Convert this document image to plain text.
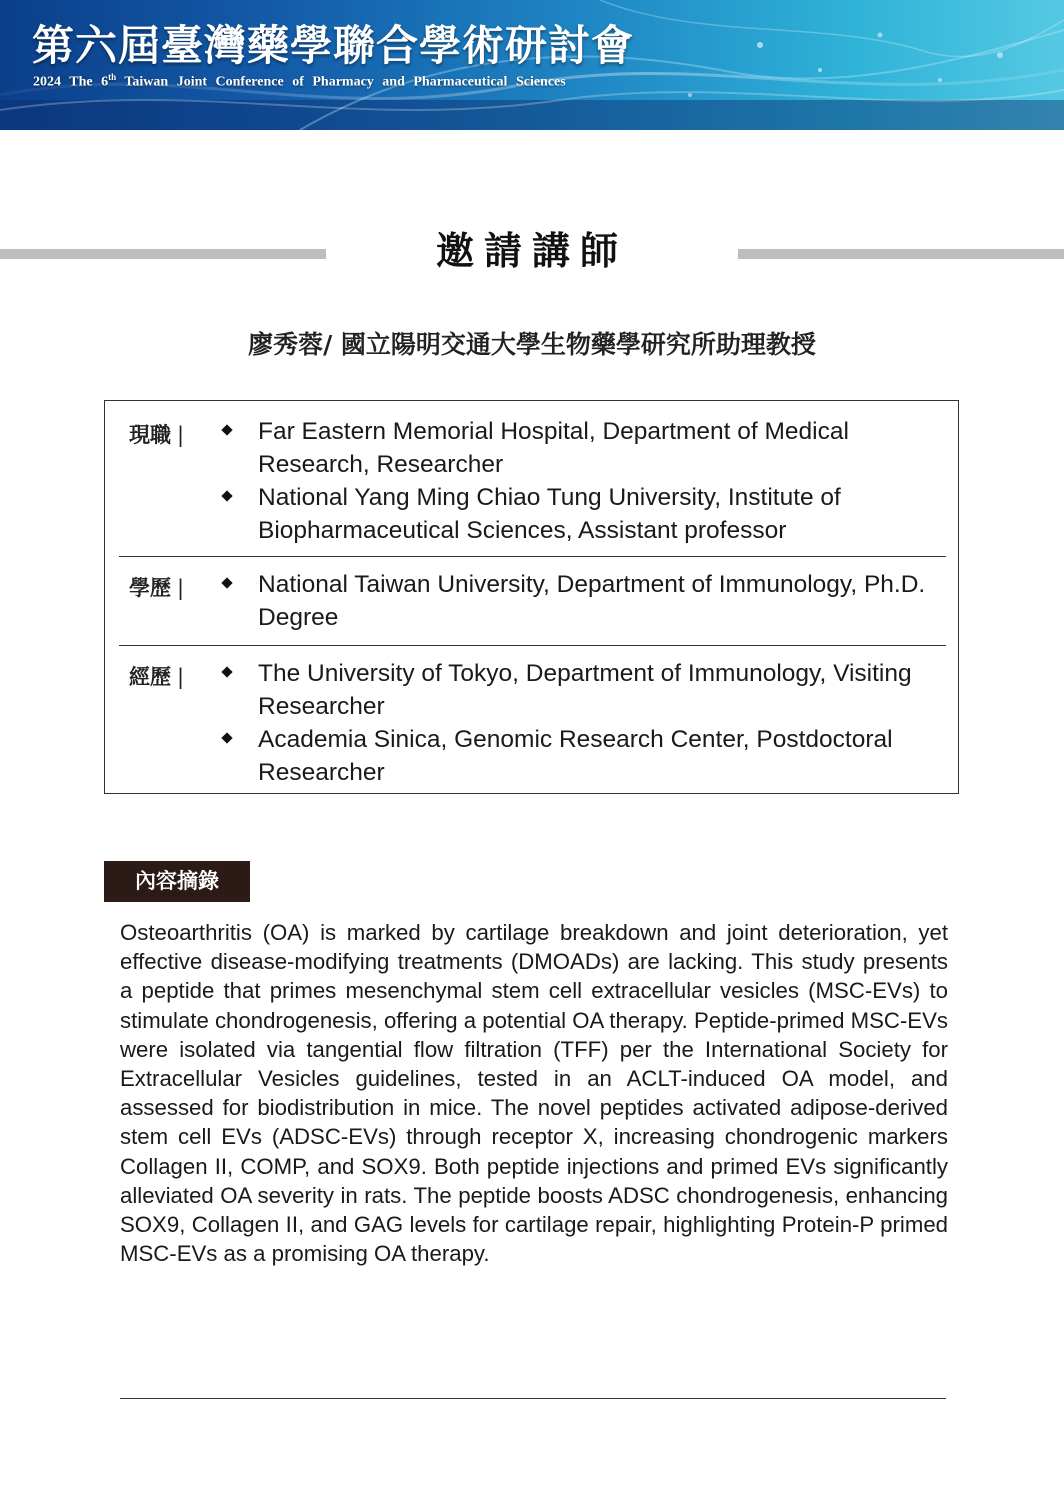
第六屆臺灣藥學聯合學術研討會
2024 The 6th Taiwan Joint Conference of Pharmacy and Pharmaceutical Sciences
邀請講師
廖秀蓉/ 國立陽明交通大學生物藥學研究所助理教授
現職 |	Far Eastern Memorial Hospital, Department of Medical Research, Researcher
National Yang Ming Chiao Tung University, Institute of Biopharmaceutical Sciences, Assistant professor
學歷 |	National Taiwan University, Department of Immunology, Ph.D. Degree
經歷 |	The University of Tokyo, Department of Immunology, Visiting Researcher
Academia Sinica, Genomic Research Center, Postdoctoral Researcher
內容摘錄

Osteoarthritis (OA) is marked by cartilage breakdown and joint deterioration, yet effective disease-modifying treatments (DMOADs) are lacking. This study presents a peptide that primes mesenchymal stem cell extracellular vesicles (MSC-EVs) to stimulate chondrogenesis, offering a potential OA therapy. Peptide-primed MSC-EVs were isolated via tangential flow filtration (TFF) per the International Society for Extracellular Vesicles guidelines, tested in an ACLT-induced OA model, and assessed for biodistribution in mice. The novel peptides activated adipose-derived stem cell EVs (ADSC-EVs) through receptor X, increasing chondrogenic markers Collagen II, COMP, and SOX9. Both peptide injections and primed EVs significantly alleviated OA severity in rats. The peptide boosts ADSC chondrogenesis, enhancing SOX9, Collagen II, and GAG levels for cartilage repair, highlighting Protein-P primed MSC-EVs as a promising OA therapy.
